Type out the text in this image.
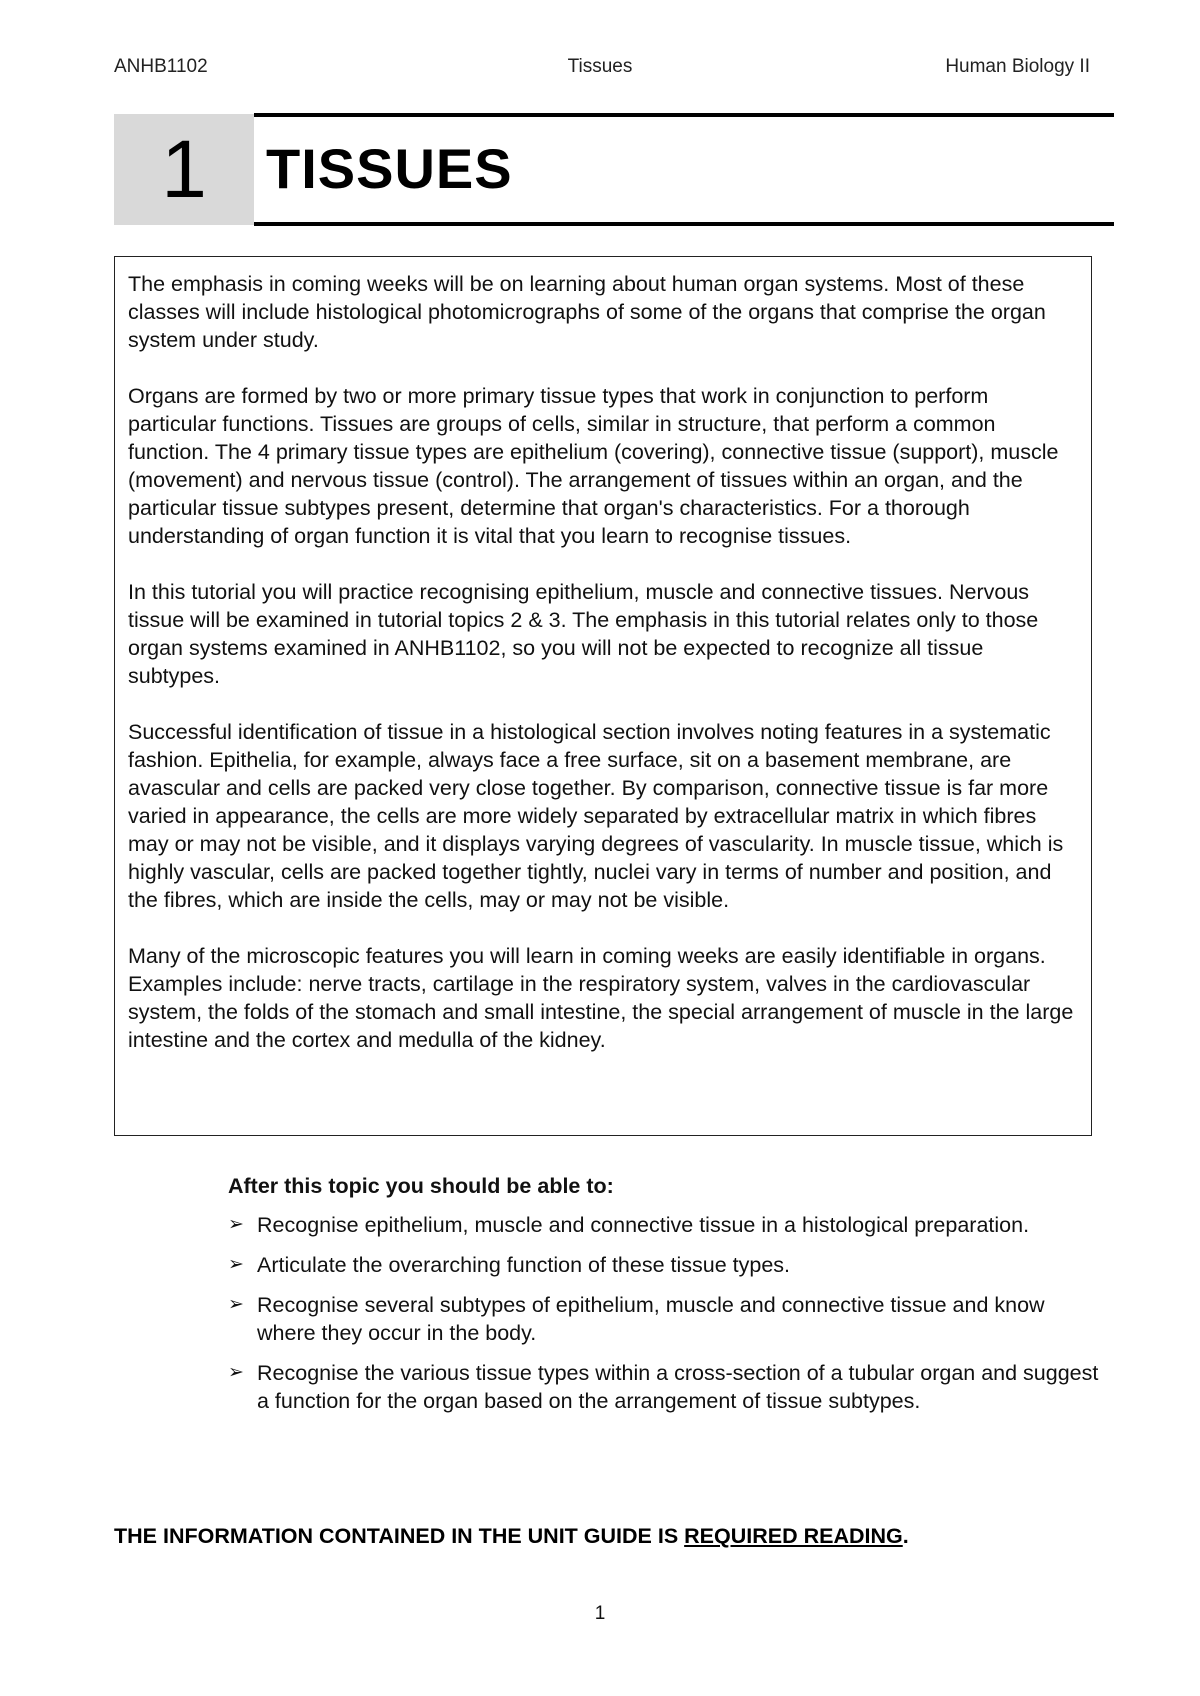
ANHB1102	Tissues	Human Biology II
1	TISSUES

The emphasis in coming weeks will be on learning about human organ systems. Most of these classes will include histological photomicrographs of some of the organs that comprise the organ system under study.

Organs are formed by two or more primary tissue types that work in conjunction to perform particular functions. Tissues are groups of cells, similar in structure, that perform a common function. The 4 primary tissue types are epithelium (covering), connective tissue (support), muscle (movement) and nervous tissue (control). The arrangement of tissues within an organ, and the particular tissue subtypes present, determine that organ's characteristics. For a thorough understanding of organ function it is vital that you learn to recognise tissues.

In this tutorial you will practice recognising epithelium, muscle and connective tissues. Nervous tissue will be examined in tutorial topics 2 & 3. The emphasis in this tutorial relates only to those organ systems examined in ANHB1102, so you will not be expected to recognize all tissue subtypes.

Successful identification of tissue in a histological section involves noting features in a systematic fashion. Epithelia, for example, always face a free surface, sit on a basement membrane, are avascular and cells are packed very close together. By comparison, connective tissue is far more varied in appearance, the cells are more widely separated by extracellular matrix in which fibres may or may not be visible, and it displays varying degrees of vascularity. In muscle tissue, which is highly vascular, cells are packed together tightly, nuclei vary in terms of number and position, and the fibres, which are inside the cells, may or may not be visible.

Many of the microscopic features you will learn in coming weeks are easily identifiable in organs. Examples include: nerve tracts, cartilage in the respiratory system, valves in the cardiovascular system, the folds of the stomach and small intestine, the special arrangement of muscle in the large intestine and the cortex and medulla of the kidney.

After this topic you should be able to:
➢ Recognise epithelium, muscle and connective tissue in a histological preparation.
➢ Articulate the overarching function of these tissue types.
➢ Recognise several subtypes of epithelium, muscle and connective tissue and know where they occur in the body.
➢ Recognise the various tissue types within a cross-section of a tubular organ and suggest a function for the organ based on the arrangement of tissue subtypes.
THE INFORMATION CONTAINED IN THE UNIT GUIDE IS REQUIRED READING.
1
